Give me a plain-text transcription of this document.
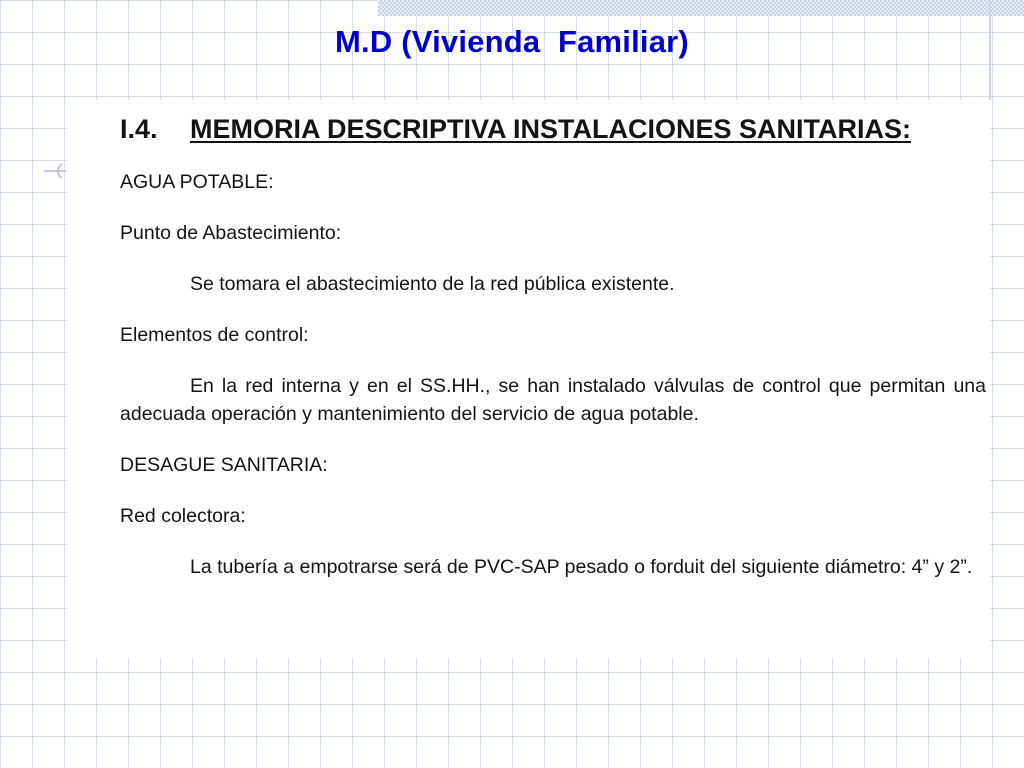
M.D (Vivienda  Familiar)
I.4.	MEMORIA DESCRIPTIVA INSTALACIONES SANITARIAS:

AGUA POTABLE:

Punto de Abastecimiento:

Se tomara el abastecimiento de la red pública existente.

Elementos de control:

En la red interna y en el SS.HH., se han instalado válvulas de control que permitan una adecuada operación y mantenimiento del servicio de agua potable.

DESAGUE SANITARIA:

Red colectora:

La tubería a empotrarse será de PVC-SAP pesado o forduit del siguiente diámetro: 4” y 2”.
